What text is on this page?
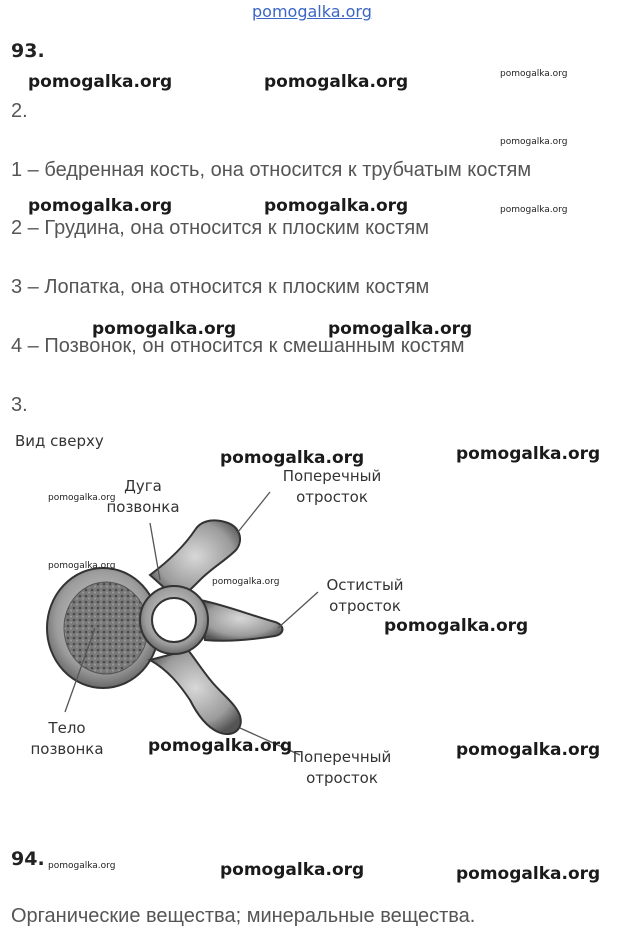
pomogalka.org
93.
2.
1 – бедренная кость, она относится к трубчатым костям
2 – Грудина, она относится к плоским костям
3 – Лопатка, она относится к плоским костям
4 – Позвонок, он относится к смешанным костям
3.
Вид сверху
Дуга
позвонка
Поперечный
отросток
Остистый
отросток
Тело
позвонка	Поперечный
отросток
94.
Органические вещества; минеральные вещества.
pomogalka.org	pomogalka.org	pomogalka.org
pomogalka.org
pomogalka.org	pomogalka.org	pomogalka.org
pomogalka.org	pomogalka.org
pomogalka.org	pomogalka.org
pomogalka.org
pomogalka.org
pomogalka.org
pomogalka.org
pomogalka.org	pomogalka.org
pomogalka.org	pomogalka.org	pomogalka.org
